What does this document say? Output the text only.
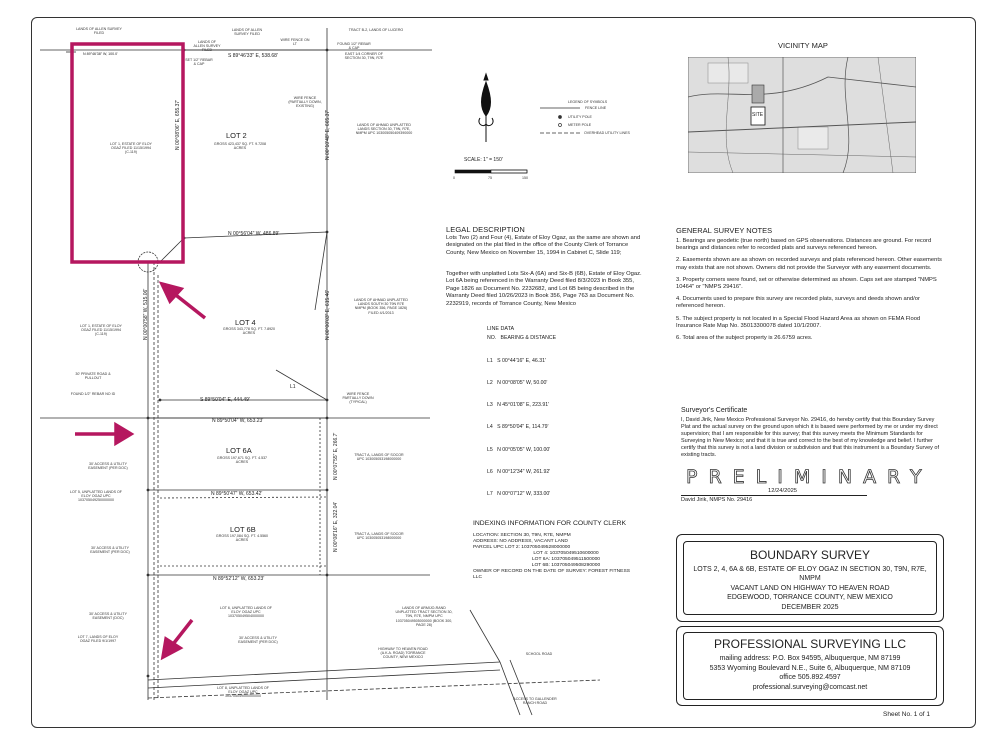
VICINITY MAP
SITE
LEGEND OF SYMBOLS
FENCE LINE
UTILITY POLE
METER POLE
OVERHEAD UTILITY LINES
SCALE: 1" = 150'
0	75	150
LANDS OF ALLEN SURVEY FILED
LANDS OF ALLEN SURVEY FILED
WIRE FENCE ON LT
LANDS OF ALLEN SURVEY FILED
TRACT B-2, LANDS OF LUCERO
SET 1/2" REBAR & CAP
FOUND 1/2" REBAR & CAP
EAST 1/4 CORNER OF SECTION 30, T9N, R7E
S 89°46'33" E, 538.68'
N 89°46'38" W, 100.0'
LOT 2
GROSS 423,437 SQ. FT. 9.7208 ACRES
N 00°08'06" E, 655.37'	N 00°10'48" E, 665.37'
LOT 1, ESTATE OF ELOY OGAZ FILED 11/15/1994 (C-119)
LANDS OF AHMAD UNPLATTED LANDS SECTION 30, T9N, R7E, NMPM UPC 103005050409390000
N 00°56'04" W, 486.89'
LOT 4
GROSS 343,778 SQ. FT. 7.8920 ACRES
N 00°00'58" W, 515.06'	N 00°00'03" E, 615.46'
S 89°50'04" E, 444.49'
LOT 1, ESTATE OF ELOY OGAZ FILED 11/15/1994 (C-119)
LANDS OF AHMAD UNPLATTED LANDS SOUTH 30 T9N R7E NMPM (BOOK 356, PAGE 1826) FILED 4/1/2013
WIRE FENCE (PARTIALLY DOWN, EXISTING)
WIRE FENCE PARTIALLY DOWN (TYPICAL)
30' PRIVATE ROAD & PULLOUT
FOUND 1/2" REBAR NO ID
L1
N 89°50'04" W, 653.23'
LOT 6A
GROSS 197,671 SQ. FT. 4.537 ACRES	N 00°07'55" E, 266.7'	TRACT A, LANDS OF SOCOR UPC 103005053198000000
N 89°50'47" W, 653.42'
LOT 6B
GROSS 197,084 SQ. FT. 4.5560 ACRES	N 00°08'16" E, 322.04'	TRACT A, LANDS OF SOCOR UPC 103005053198000000
N 89°52'12" W, 653.23'
30' ACCESS & UTILITY EASEMENT (PER DOC)
30' ACCESS & UTILITY EASEMENT (PER DOC)
30' ACCESS & UTILITY EASEMENT (DOC)
30' ACCESS & UTILITY EASEMENT (PER DOC)
LOT 5, UNPLATTED LANDS OF ELOY OGAZ UPC 103705049250000000
LOT 6, UNPLATTED LANDS OF ELOY OGAZ UPC 103705049504000000
LOT 7, LANDS OF ELOY OGAZ FILED 9/1/1997
LOT 8, UNPLATTED LANDS OF ELOY OGAZ UPC 103705049000000000
LANDS OF ARMIJO-RAND UNPLATTED TRACT SECTION 30, T9N, R7E, NMPM UPC 103705049505000000 (BOOK 300, PAGE 28)
HIGHWAY TO HEAVEN ROAD (A.K.A. ROAD) TORRANCE COUNTY, NEW MEXICO
ACCESS TO GALLENDER RANCH ROAD
SCHOOL ROAD
LEGAL DESCRIPTION
Lots Two (2) and Four (4), Estate of Eloy Ogaz, as the same are shown and designated on the plat filed in the office of the County Clerk of Torrance County, New Mexico on November 15, 1994 in Cabinet C, Slide 119;
Together with unplatted Lots Six-A (6A) and Six-B (6B), Estate of Eloy Ogaz. Lot 6A being referenced in the Warranty Deed filed 8/3/2023 in Book 355, Page 1826 as Document No. 2232682, and Lot 6B being described in the Warranty Deed filed 10/26/2023 in Book 356, Page 763 as Document No. 2232919, records of Torrance County, New Mexico
LINE DATA
NO.   BEARING & DISTANCE

L1   S 00°44'16" E, 46.31'

L2   N 00°08'05" W, 50.00'

L3   N 45°01'08" E, 223.91'

L4   S 89°50'04" E, 114.79'

L5   N 00°05'05" W, 100.00'

L6   N 00°12'34" W, 261.92'

L7   N 00°07'12" W, 333.00'

INDEXING INFORMATION FOR COUNTY CLERK
LOCATION: SECTION 30, T9N, R7E, NMPM
ADDRESS: NO ADDRESS, VACANT LAND
PARCEL UPC LOT 2: 103705049528000000
LOT 4: 103705049510600000
LOT 6A: 103705049511500000
LOT 6B: 103705049508290000
OWNER OF RECORD ON THE DATE OF SURVEY: FOREST FITNESS LLC
GENERAL SURVEY NOTES

1. Bearings are geodetic (true north) based on GPS observations. Distances are ground. For record bearings and distances refer to recorded plats and surveys referenced hereon.

2. Easements shown are as shown on recorded surveys and plats referenced hereon. Other easements may exists that are not shown. Owners did not provide the Surveyor with any easement documents.

3. Property corners were found, set or otherwise determined as shown. Caps set are stamped "NMPS 10464" or "NMPS 29416".

4. Documents used to prepare this survey are recorded plats, surveys and deeds shown and/or referenced hereon.

5. The subject property is not located in a Special Flood Hazard Area as shown on FEMA Flood Insurance Rate Map No. 35013300078 dated 10/1/2007.

6. Total area of the subject property is 26.6759 acres.

Surveyor's Certificate
I, David Jirik, New Mexico Professional Surveyor No. 29416, do hereby certify that this Boundary Survey Plat and the actual survey on the ground upon which it is based were performed by me or under my direct supervision; that I am responsible for this survey; that this survey meets the Minimum Standards for Surveying in New Mexico; and that it is true and correct to the best of my knowledge and belief. I further certify that this survey is not a land division or subdivision and that this instrument is a Boundary Survey of existing tracts.
PRELIMINARY
12/24/2025
David Jirik, NMPS No. 29416
BOUNDARY SURVEY
LOTS 2, 4, 6A & 6B, ESTATE OF ELOY OGAZ IN SECTION 30, T9N, R7E, NMPM
VACANT LAND ON HIGHWAY TO HEAVEN ROAD
EDGEWOOD, TORRANCE COUNTY, NEW MEXICO
DECEMBER 2025
PROFESSIONAL SURVEYING LLC
mailing address: P.O. Box 94595, Albuquerque, NM 87199
5353 Wyoming Boulevard N.E., Suite 6, Albuquerque, NM 87109
office 505.892.4597
professional.surveying@comcast.net
Sheet No. 1 of 1
